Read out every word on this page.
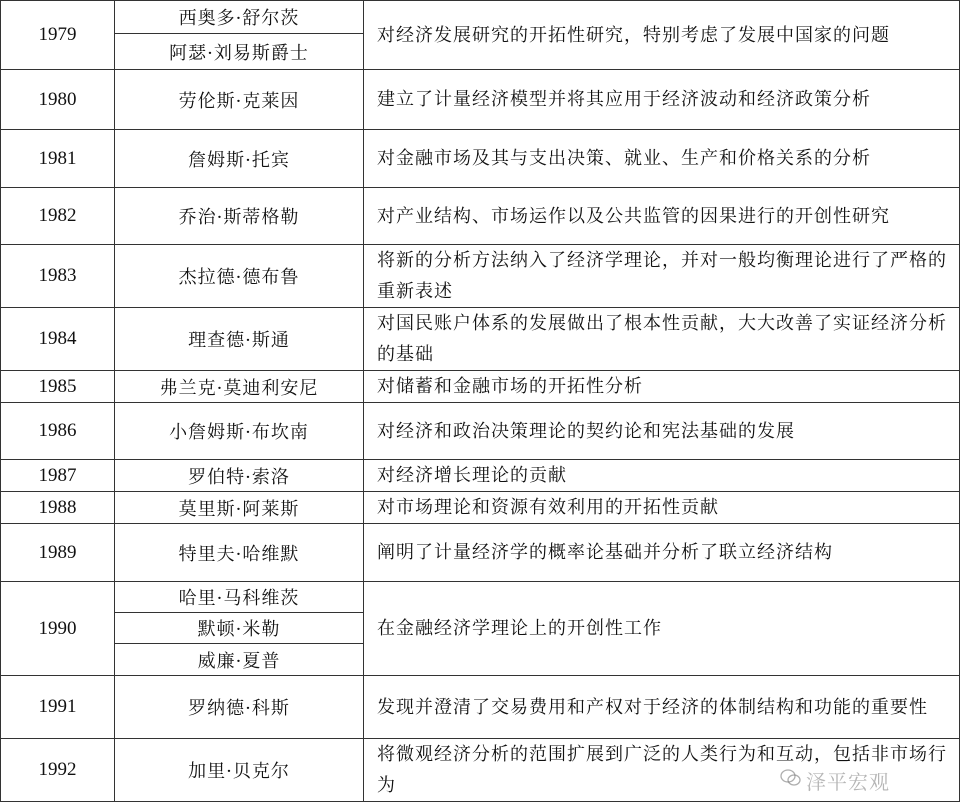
1979	西奥多·舒尔茨	对经济发展研究的开拓性研究，特别考虑了发展中国家的问题
	阿瑟·刘易斯爵士	
1980	劳伦斯·克莱因	建立了计量经济模型并将其应用于经济波动和经济政策分析
1981	詹姆斯·托宾	对金融市场及其与支出决策、就业、生产和价格关系的分析
1982	乔治·斯蒂格勒	对产业结构、市场运作以及公共监管的因果进行的开创性研究
1983	杰拉德·德布鲁	将新的分析方法纳入了经济学理论，并对一般均衡理论进行了严格的重新表述
1984	理查德·斯通	对国民账户体系的发展做出了根本性贡献，大大改善了实证经济分析的基础
1985	弗兰克·莫迪利安尼	对储蓄和金融市场的开拓性分析
1986	小詹姆斯·布坎南	对经济和政治决策理论的契约论和宪法基础的发展
1987	罗伯特·索洛	对经济增长理论的贡献
1988	莫里斯·阿莱斯	对市场理论和资源有效利用的开拓性贡献
1989	特里夫·哈维默	阐明了计量经济学的概率论基础并分析了联立经济结构
1990	哈里·马科维茨	在金融经济学理论上的开创性工作
	默顿·米勒	
	威廉·夏普	
1991	罗纳德·科斯	发现并澄清了交易费用和产权对于经济的体制结构和功能的重要性
1992	加里·贝克尔	将微观经济分析的范围扩展到广泛的人类行为和互动，包括非市场行为	泽平宏观
